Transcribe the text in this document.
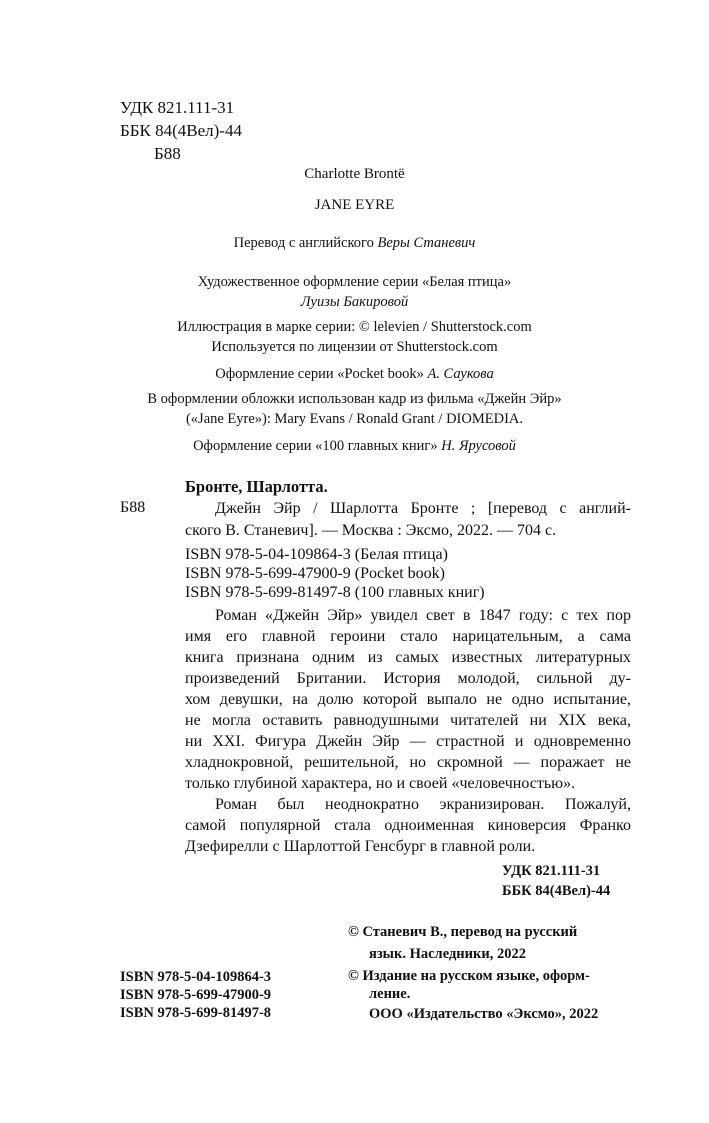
УДК 821.111-31
ББК 84(4Вел)-44
Б88
Charlotte Brontë
JANE EYRE
Перевод с английского Веры Станевич
Художественное оформление серии «Белая птица»
Луизы Бакировой
Иллюстрация в марке серии: © lelevien / Shutterstock.com
Используется по лицензии от Shutterstock.com
Оформление серии «Pocket book» А. Саукова
В оформлении обложки использован кадр из фильма «Джейн Эйр»
(«Jane Eyre»): Mary Evans / Ronald Grant / DIOMEDIA.
Оформление серии «100 главных книг» Н. Ярусовой
Бронте, Шарлотта.
Б88	Джейн Эйр / Шарлотта Бронте ; [перевод с англий-
ского В. Станевич]. — Москва : Эксмо, 2022. — 704 с.
ISBN 978-5-04-109864-3 (Белая птица)
ISBN 978-5-699-47900-9 (Pocket book)
ISBN 978-5-699-81497-8 (100 главных книг)
Роман «Джейн Эйр» увидел свет в 1847 году: с тех пор
имя его главной героини стало нарицательным, а сама
книга признана одним из самых известных литературных
произведений Британии. История молодой, сильной ду-
хом девушки, на долю которой выпало не одно испытание,
не могла оставить равнодушными читателей ни XIX века,
ни XXI. Фигура Джейн Эйр — страстной и одновременно
хладнокровной, решительной, но скромной — поражает не
только глубиной характера, но и своей «человечностью».
Роман был неоднократно экранизирован. Пожалуй,
самой популярной стала одноименная киноверсия Франко
Дзефирелли с Шарлоттой Генсбург в главной роли.
УДК 821.111-31
ББК 84(4Вел)-44
ISBN 978-5-04-109864-3
ISBN 978-5-699-47900-9
ISBN 978-5-699-81497-8
© Станевич В., перевод на русский
язык. Наследники, 2022
© Издание на русском языке, оформ-
ление.
ООО «Издательство «Эксмо», 2022
